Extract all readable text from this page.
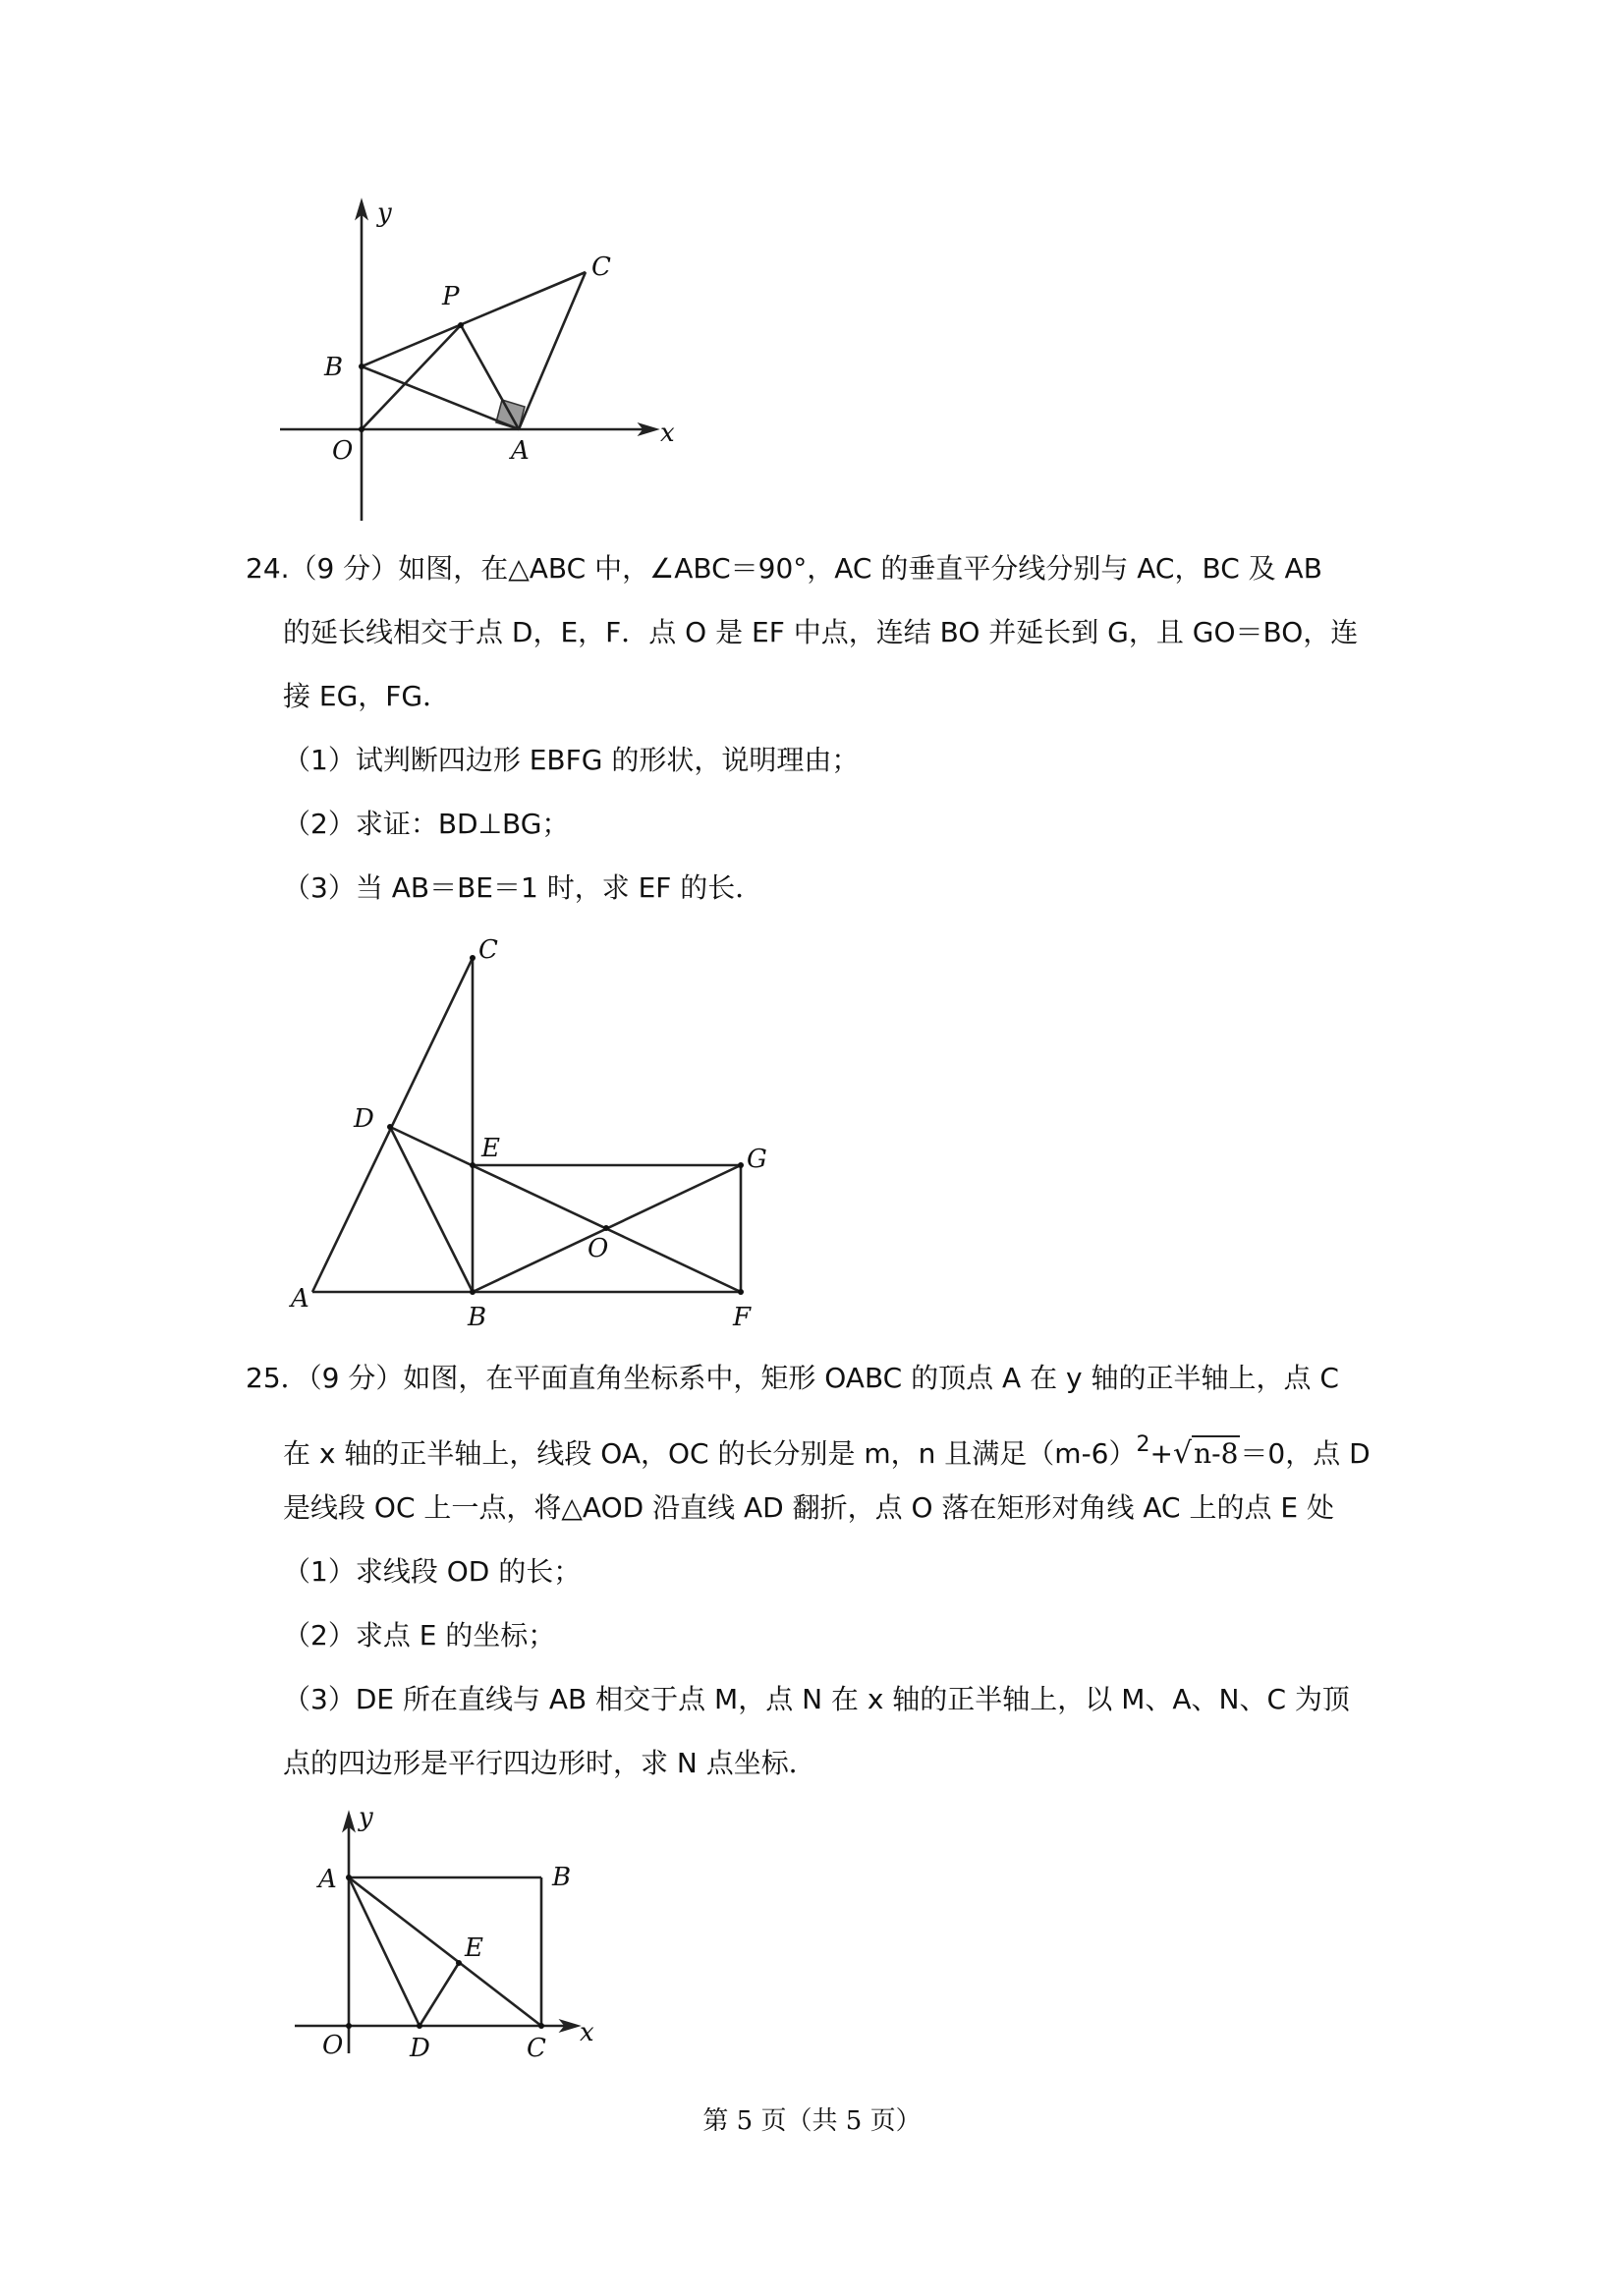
y
x
C
P
B
O	A
24.（9 分）如图，在△ABC 中，∠ABC＝90°，AC 的垂直平分线分别与 AC，BC 及 AB
的延长线相交于点 D，E，F．点 O 是 EF 中点，连结 BO 并延长到 G，且 GO＝BO，连
接 EG，FG．
（1）试判断四边形 EBFG 的形状，说明理由；
（2）求证：BD⊥BG；
（3）当 AB＝BE＝1 时，求 EF 的长．
C
D
E	G
O
A
B	F
25．（9 分）如图，在平面直角坐标系中，矩形 OABC 的顶点 A 在 y 轴的正半轴上，点 C
在 x 轴的正半轴上，线段 OA，OC 的长分别是 m，n 且满足$(m-6)^2+√n-8=0$，点 D
是线段 OC 上一点，将△AOD 沿直线 AD 翻折，点 O 落在矩形对角线 AC 上的点 E 处
（1）求线段 OD 的长；
（2）求点 E 的坐标；
（3）DE 所在直线与 AB 相交于点 M，点 N 在 x 轴的正半轴上，以 M、A、N、C 为顶
点的四边形是平行四边形时，求 N 点坐标．
y
A	B
E
O	D	C
x
第 5 页（共 5 页）
